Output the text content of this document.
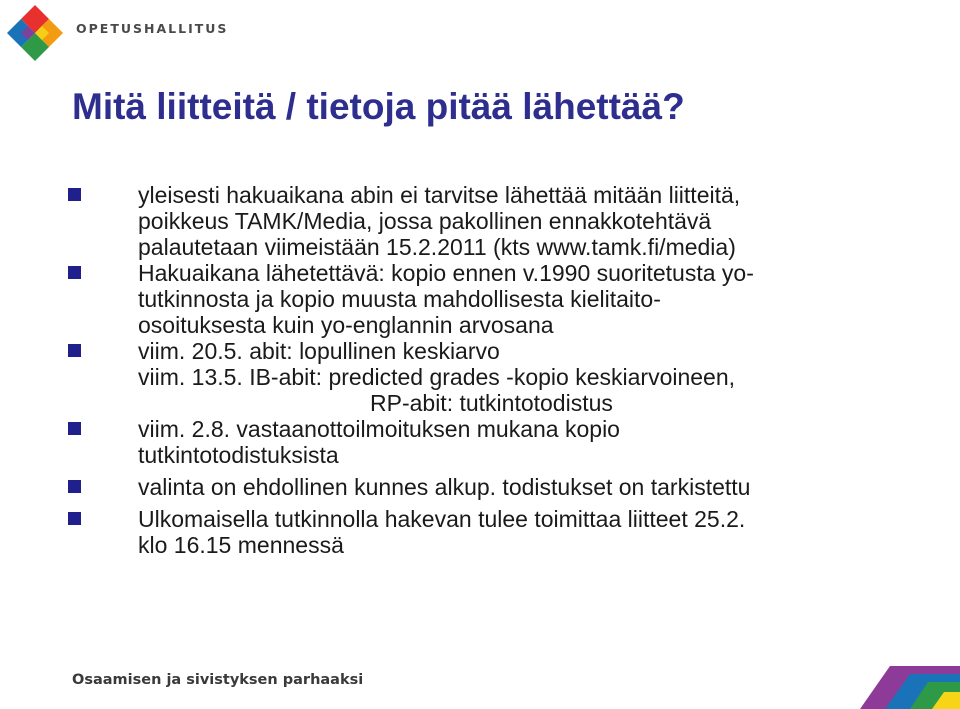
OPETUSHALLITUS
Mitä liitteitä / tietoja pitää lähettää?
yleisesti hakuaikana abin ei tarvitse lähettää mitään liitteitä,
poikkeus TAMK/Media, jossa pakollinen ennakkotehtävä
palautetaan viimeistään 15.2.2011 (kts www.tamk.fi/media)
Hakuaikana lähetettävä: kopio ennen v.1990 suoritetusta yo-
tutkinnosta ja kopio muusta mahdollisesta kielitaito-
osoituksesta kuin yo-englannin arvosana
viim. 20.5. abit: lopullinen keskiarvo
viim. 13.5. IB-abit: predicted grades -kopio keskiarvoineen,
RP-abit: tutkintotodistus
viim. 2.8. vastaanottoilmoituksen mukana kopio
tutkintotodistuksista
valinta on ehdollinen kunnes alkup. todistukset on tarkistettu
Ulkomaisella tutkinnolla hakevan tulee toimittaa liitteet 25.2.
klo 16.15 mennessä
Osaamisen ja sivistyksen parhaaksi
